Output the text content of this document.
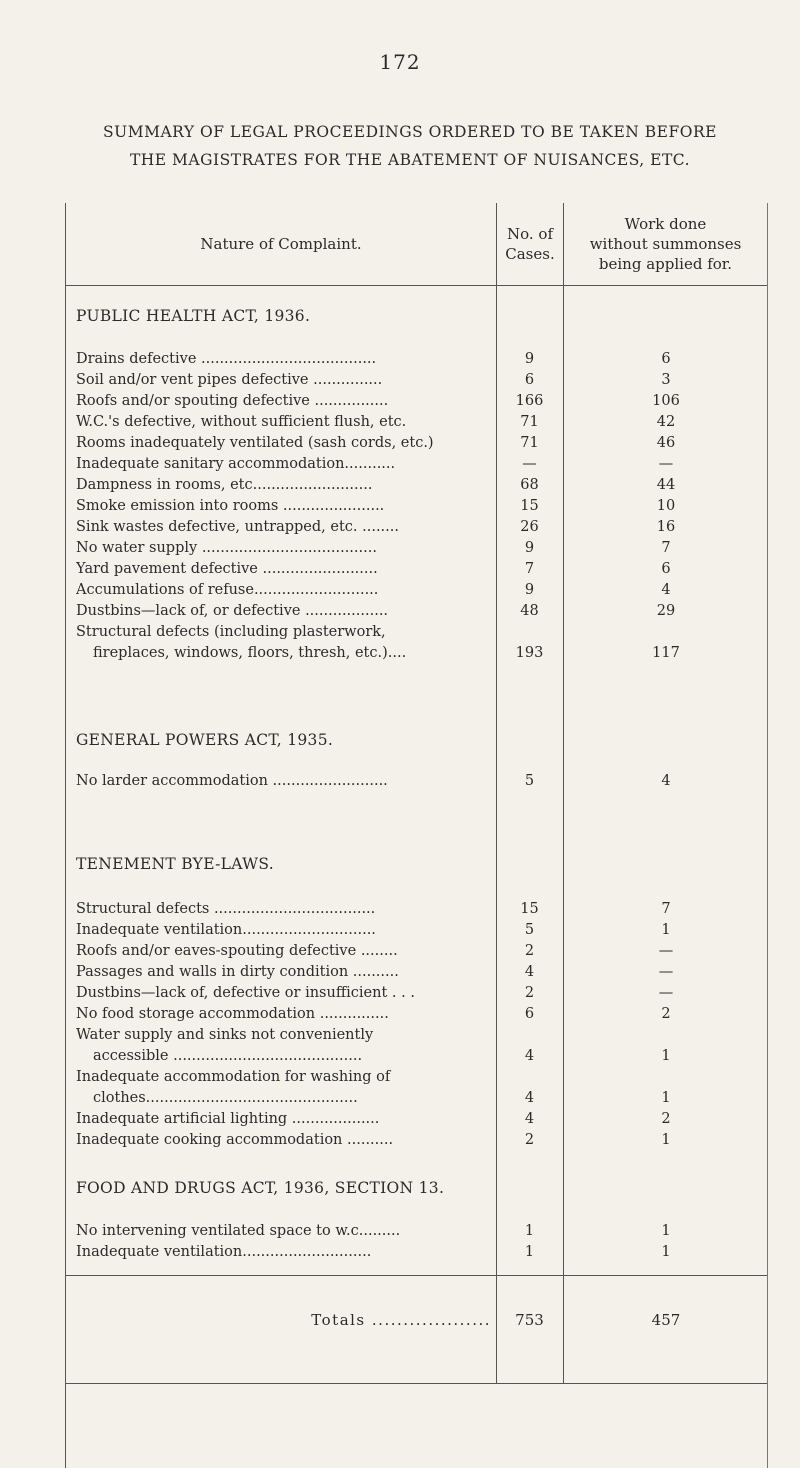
172
SUMMARY OF LEGAL PROCEEDINGS ORDERED TO BE TAKEN BEFORE
THE MAGISTRATES FOR THE ABATEMENT OF NUISANCES, ETC.
Nature of Complaint.
No. of
Cases.
Work done
without summonses
being applied for.
PUBLIC HEALTH ACT, 1936.
Drains defective ......................................	9	6
Soil and/or vent pipes defective ...............	6	3
Roofs and/or spouting defective ................	166	106
W.C.'s defective, without sufficient flush, etc.	71	42
Rooms inadequately ventilated (sash cords, etc.)	71	46
Inadequate sanitary accommodation...........	—	—
Dampness in rooms, etc..........................	68	44
Smoke emission into rooms ......................	15	10
Sink wastes defective, untrapped, etc. ........	26	16
No water supply ......................................	9	7
Yard pavement defective .........................	7	6
Accumulations of refuse...........................	9	4
Dustbins—lack of, or defective ..................	48	29
Structural defects (including plasterwork,
fireplaces, windows, floors, thresh, etc.)....	193	117
GENERAL POWERS ACT, 1935.
No larder accommodation .........................	5	4
TENEMENT BYE-LAWS.
Structural defects ...................................	15	7
Inadequate ventilation.............................	5	1
Roofs and/or eaves-spouting defective ........	2	—
Passages and walls in dirty condition ..........	4	—
Dustbins—lack of, defective or insufficient . . .	2	—
No food storage accommodation ...............	6	2
Water supply and sinks not conveniently
accessible .........................................	4	1
Inadequate accommodation for washing of
clothes..............................................	4	1
Inadequate artificial lighting ...................	4	2
Inadequate cooking accommodation ..........	2	1
FOOD AND DRUGS ACT, 1936, SECTION 13.
No intervening ventilated space to w.c.........	1	1
Inadequate ventilation............................	1	1
Totals ...................	753	457
